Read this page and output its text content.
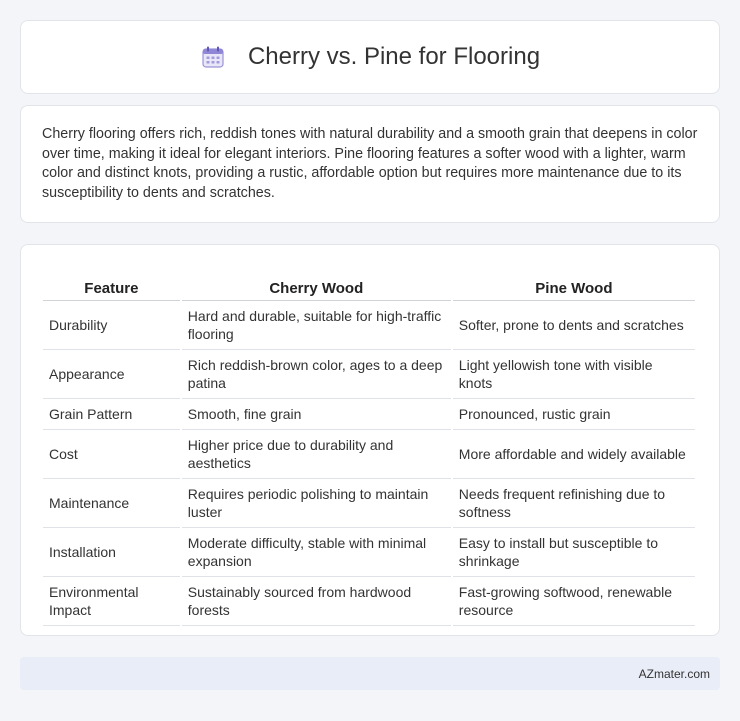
Cherry vs. Pine for Flooring

Cherry flooring offers rich, reddish tones with natural durability and a smooth grain that deepens in color over time, making it ideal for elegant interiors. Pine flooring features a softer wood with a lighter, warm color and distinct knots, providing a rustic, affordable option but requires more maintenance due to its susceptibility to dents and scratches.

Feature	Cherry Wood	Pine Wood
Durability	Hard and durable, suitable for high-traffic flooring	Softer, prone to dents and scratches
Appearance	Rich reddish-brown color, ages to a deep patina	Light yellowish tone with visible knots
Grain Pattern	Smooth, fine grain	Pronounced, rustic grain
Cost	Higher price due to durability and aesthetics	More affordable and widely available
Maintenance	Requires periodic polishing to maintain luster	Needs frequent refinishing due to softness
Installation	Moderate difficulty, stable with minimal expansion	Easy to install but susceptible to shrinkage
Environmental Impact	Sustainably sourced from hardwood forests	Fast-growing softwood, renewable resource
AZmater.com
